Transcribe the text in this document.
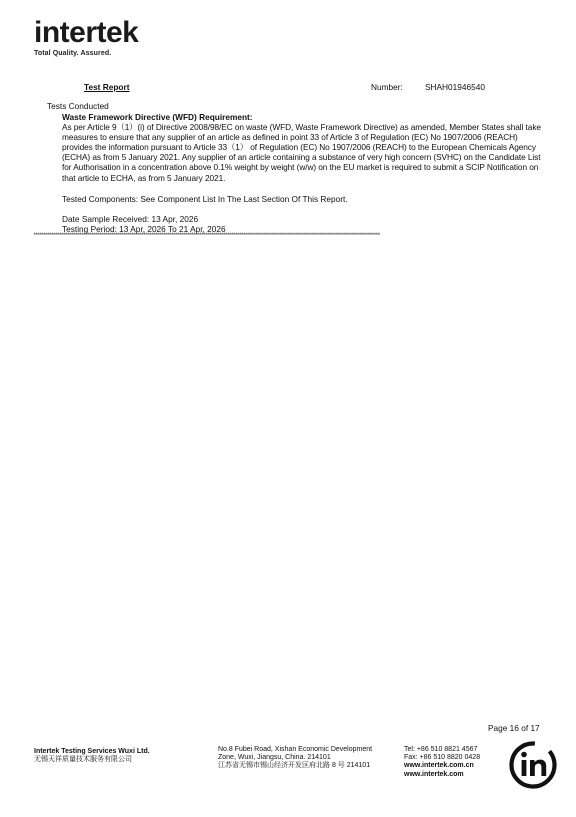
intertek
Total Quality. Assured.
Test Report	Number:	SHAH01946540
Tests Conducted
Waste Framework Directive (WFD) Requirement:
As per Article 9（1）(i) of Directive 2008/98/EC on waste (WFD, Waste Framework Directive) as amended, Member States shall take measures to ensure that any supplier of an article as defined in point 33 of Article 3 of Regulation (EC) No 1907/2006 (REACH) provides the information pursuant to Article 33（1） of Regulation (EC) No 1907/2006 (REACH) to the European Chemicals Agency (ECHA) as from 5 January 2021. Any supplier of an article containing a substance of very high concern (SVHC) on the Candidate List for Authorisation in a concentration above 0.1% weight by weight (w/w) on the EU market is required to submit a SCIP Notification on that article to ECHA, as from 5 January 2021.
Tested Components: See Component List In The Last Section Of This Report.
Date Sample Received: 13 Apr, 2026
Testing Period: 13 Apr, 2026 To 21 Apr, 2026
*****************************************************************************************************************************************************************************
Page 16 of 17
Intertek Testing Services Wuxi Ltd.
无锡天祥质量技术服务有限公司
No.8 Fubei Road, Xishan Economic Development
Zone, Wuxi, Jiangsu, China. 214101
江苏省无锡市锡山经济开发区府北路 8 号 214101
Tel: +86 510 8821 4567
Fax: +86 510 8820 0428
www.intertek.com.cn
www.intertek.com
